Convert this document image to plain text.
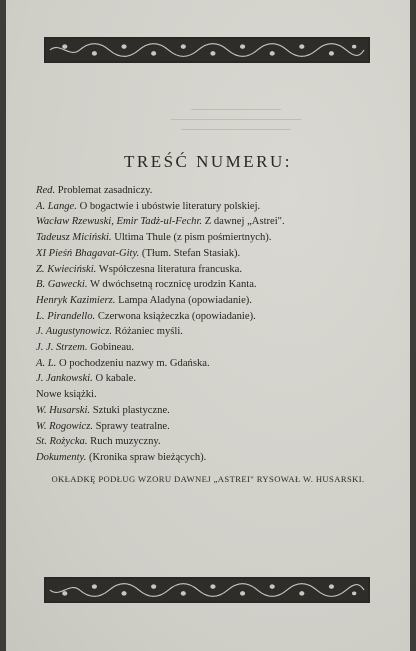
TREŚĆ NUMERU:
Red. Problemat zasadniczy.
A. Lange. O bogactwie i ubóstwie literatury polskiej.
Wacław Rzewuski, Emir Tadż-ul-Fechr. Z dawnej „Astrei".
Tadeusz Miciński. Ultima Thule (z pism pośmiertnych).
XI Pieśń Bhagavat-Gity. (Tłum. Stefan Stasiak).
Z. Kwieciński. Współczesna literatura francuska.
B. Gawecki. W dwóchsetną rocznicę urodzin Kanta.
Henryk Kazimierz. Lampa Aladyna (opowiadanie).
L. Pirandello. Czerwona książeczka (opowiadanie).
J. Augustynowicz. Różaniec myśli.
J. J. Strzem. Gobineau.
A. L. O pochodzeniu nazwy m. Gdańska.
J. Jankowski. O kabale.
Nowe książki.
W. Husarski. Sztuki plastyczne.
W. Rogowicz. Sprawy teatralne.
St. Rożycka. Ruch muzyczny.
Dokumenty. (Kronika spraw bieżących).
OKŁADKĘ PODŁUG WZORU DAWNEJ „ASTREI" RYSOWAŁ W. HUSARSKI.
